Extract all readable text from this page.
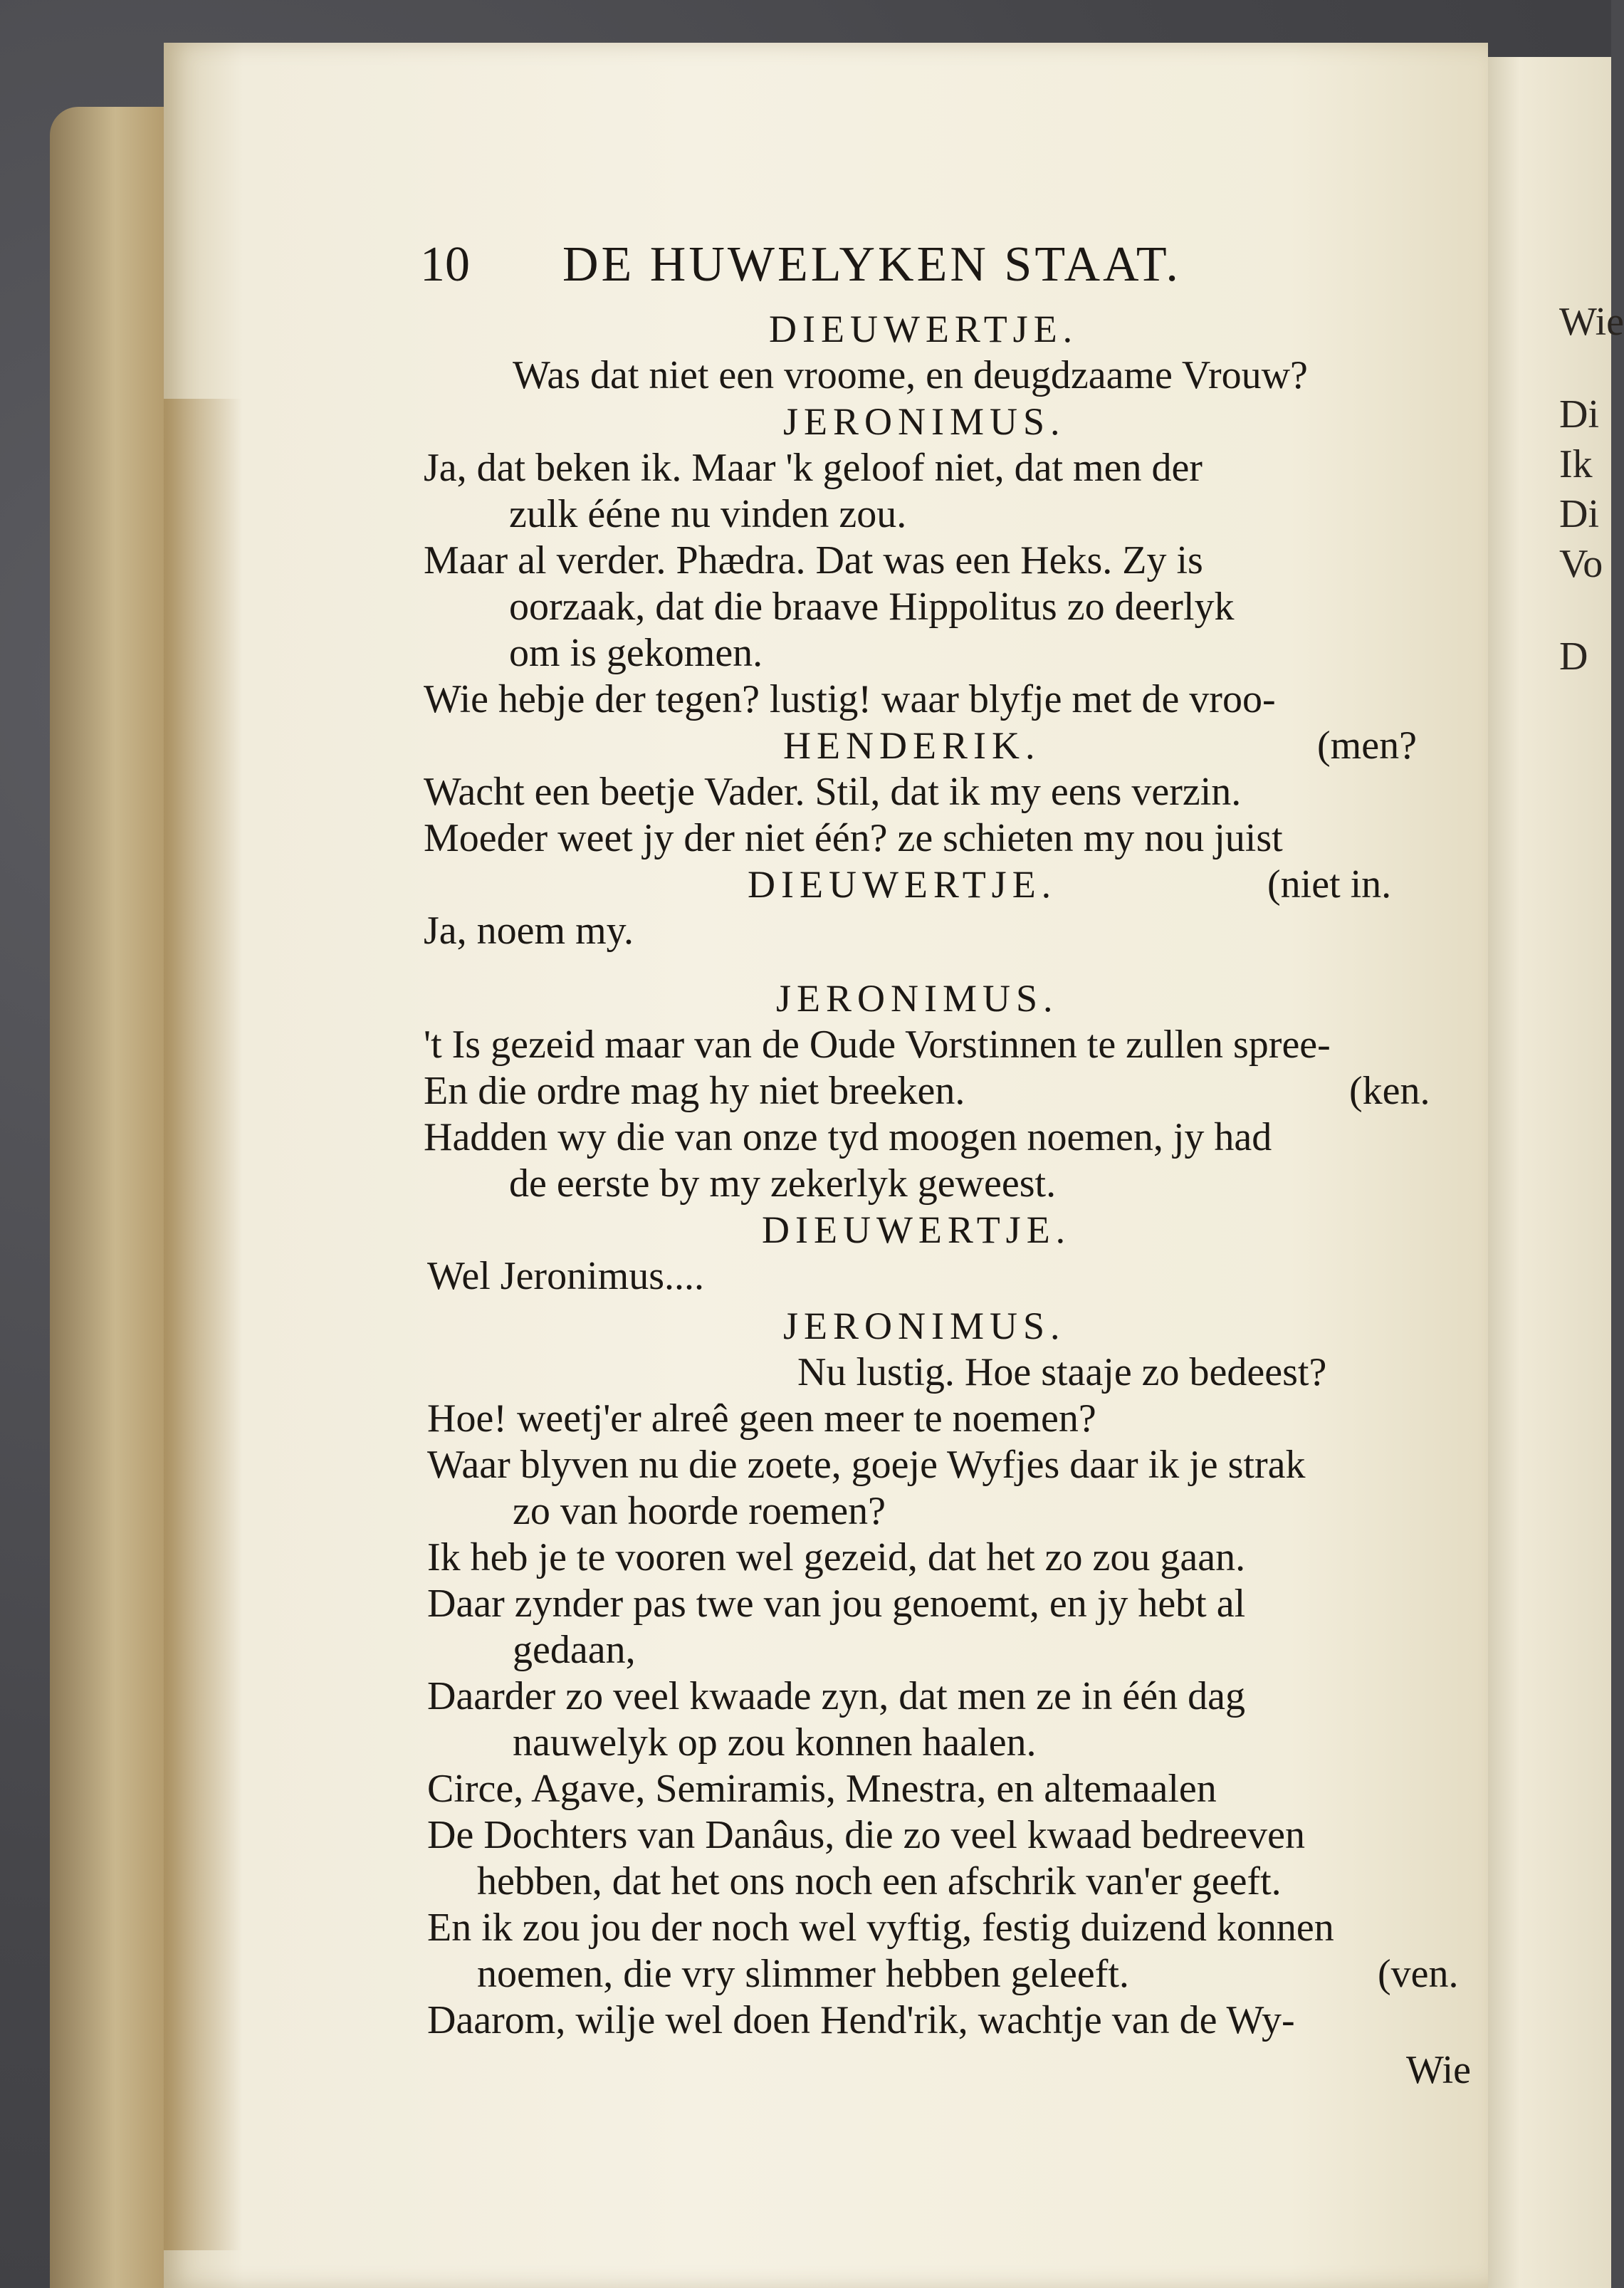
Wie
Di
Ik
Di
Vo
D
10 DE HUWELYKEN STAAT.
DIEUWERTJE.
Was dat niet een vroome, en deugdzaame Vrouw?
JERONIMUS.
Ja, dat beken ik. Maar 'k geloof niet, dat men der
zulk ééne nu vinden zou.
Maar al verder. Phædra. Dat was een Heks. Zy is
oorzaak, dat die braave Hippolitus zo deerlyk
om is gekomen.
Wie hebje der tegen? lustig! waar blyfje met de vroo-
HENDERIK.	(men?
Wacht een beetje Vader. Stil, dat ik my eens verzin.
Moeder weet jy der niet één? ze schieten my nou juist
DIEUWERTJE.	(niet in.
Ja, noem my.
JERONIMUS.
't Is gezeid maar van de Oude Vorstinnen te zullen spree-
En die ordre mag hy niet breeken.	(ken.
Hadden wy die van onze tyd moogen noemen, jy had
de eerste by my zekerlyk geweest.
DIEUWERTJE.
Wel Jeronimus....
JERONIMUS.
Nu lustig. Hoe staaje zo bedeest?
Hoe! weetj'er alreê geen meer te noemen?
Waar blyven nu die zoete, goeje Wyfjes daar ik je strak
zo van hoorde roemen?
Ik heb je te vooren wel gezeid, dat het zo zou gaan.
Daar zynder pas twe van jou genoemt, en jy hebt al
gedaan,
Daarder zo veel kwaade zyn, dat men ze in één dag
nauwelyk op zou konnen haalen.
Circe, Agave, Semiramis, Mnestra, en altemaalen
De Dochters van Danâus, die zo veel kwaad bedreeven
hebben, dat het ons noch een afschrik van'er geeft.
En ik zou jou der noch wel vyftig, festig duizend konnen
noemen, die vry slimmer hebben geleeft.	(ven.
Daarom, wilje wel doen Hend'rik, wachtje van de Wy-
Wie
